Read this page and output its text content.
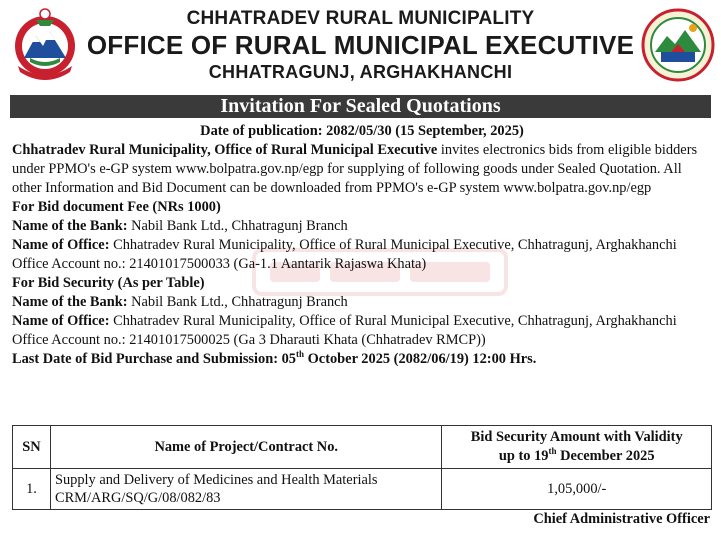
CHHATRADEV RURAL MUNICIPALITY
OFFICE OF RURAL MUNICIPAL EXECUTIVE
CHHATRAGUNJ, ARGHAKHANCHI
Invitation For Sealed Quotations

Date of publication: 2082/05/30 (15 September, 2025)

Chhatradev Rural Municipality, Office of Rural Municipal Executive invites electronics bids from eligible bidders under PPMO's e-GP system www.bolpatra.gov.np/egp for supplying of following goods under Sealed Quotation. All other Information and Bid Document can be downloaded from PPMO's e-GP system www.bolpatra.gov.np/egp

For Bid document Fee (NRs 1000)

Name of the Bank: Nabil Bank Ltd., Chhatragunj Branch

Name of Office: Chhatradev Rural Municipality, Office of Rural Municipal Executive, Chhatragunj, Arghakhanchi

Office Account no.: 21401017500033 (Ga-1.1 Aantarik Rajaswa Khata)

For Bid Security (As per Table)

Name of the Bank: Nabil Bank Ltd., Chhatragunj Branch

Name of Office: Chhatradev Rural Municipality, Office of Rural Municipal Executive, Chhatragunj, Arghakhanchi

Office Account no.: 21401017500025 (Ga 3 Dharauti Khata (Chhatradev RMCP))

Last Date of Bid Purchase and Submission: 05th October 2025 (2082/06/19) 12:00 Hrs.

SN	Name of Project/Contract No.	Bid Security Amount with Validity
up to 19th December 2025
1.	Supply and Delivery of Medicines and Health Materials
CRM/ARG/SQ/G/08/082/83	1,05,000/-
Chief Administrative Officer
